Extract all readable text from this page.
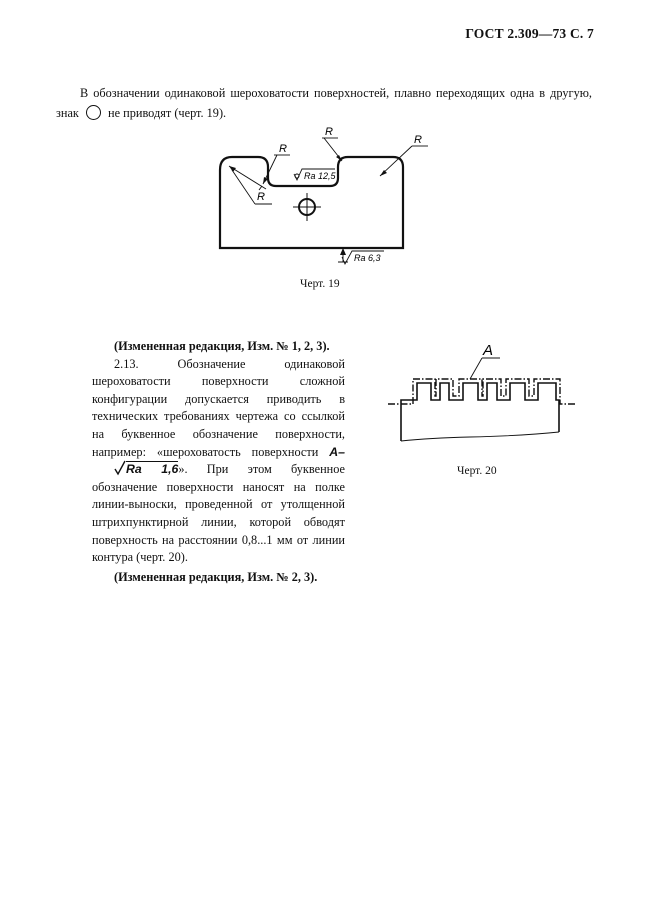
ГОСТ 2.309—73 С. 7
В обозначении одинаковой шероховатости поверхностей, плавно переходящих одна в другую, знак не приводят (черт. 19).
R
R
R
R
Ra 12,5
Ra 6,3
Черт. 19

(Измененная редакция, Изм. № 1, 2, 3).

2.13. Обозначение одинаковой шероховатости поверхности сложной конфигурации допускается приводить в технических требованиях чертежа со ссылкой на буквенное обозначение поверхности, например: «шероховатость поверхности A–Ra 1,6». При этом буквенное обозначение поверхности наносят на полке линии-выноски, проведенной от утолщенной штрихпунктирной линии, которой обводят поверхность на расстоянии 0,8...1 мм от линии контура (черт. 20).

(Измененная редакция, Изм. № 2, 3).

A
Черт. 20
